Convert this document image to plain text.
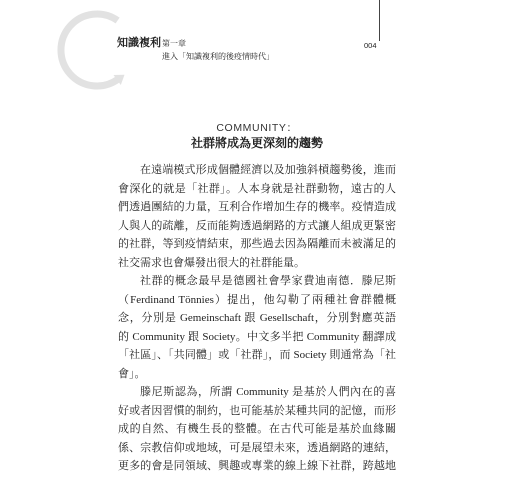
知識複利 第一章
進入「知識複利的後疫情時代」
004
COMMUNITY：
社群將成為更深刻的趨勢
在遠端模式形成個體經濟以及加強斜槓趨勢後，進而
會深化的就是「社群」。人本身就是社群動物，遠古的人
們透過團結的力量，互利合作增加生存的機率。疫情造成
人與人的疏離，反而能夠透過網路的方式讓人組成更緊密
的社群，等到疫情結束，那些過去因為隔離而未被滿足的
社交需求也會爆發出很大的社群能量。
社群的概念最早是德國社會學家費迪南德．滕尼斯
（Ferdinand Tönnies）提出，他勾勒了兩種社會群體概
念，分別是 Gemeinschaft 跟 Gesellschaft，分別對應英語
的 Community 跟 Society。中文多半把 Community 翻譯成
「社區」、「共同體」或「社群」，而 Society 則通常為「社
會」。
滕尼斯認為，所謂 Community 是基於人們內在的喜
好或者因習慣的制約，也可能基於某種共同的記憶，而形
成的自然、有機生長的整體。在古代可能是基於血緣關
係、宗教信仰或地域，可是展望未來，透過網路的連結，
更多的會是同領域、興趣或專業的線上線下社群，跨越地
